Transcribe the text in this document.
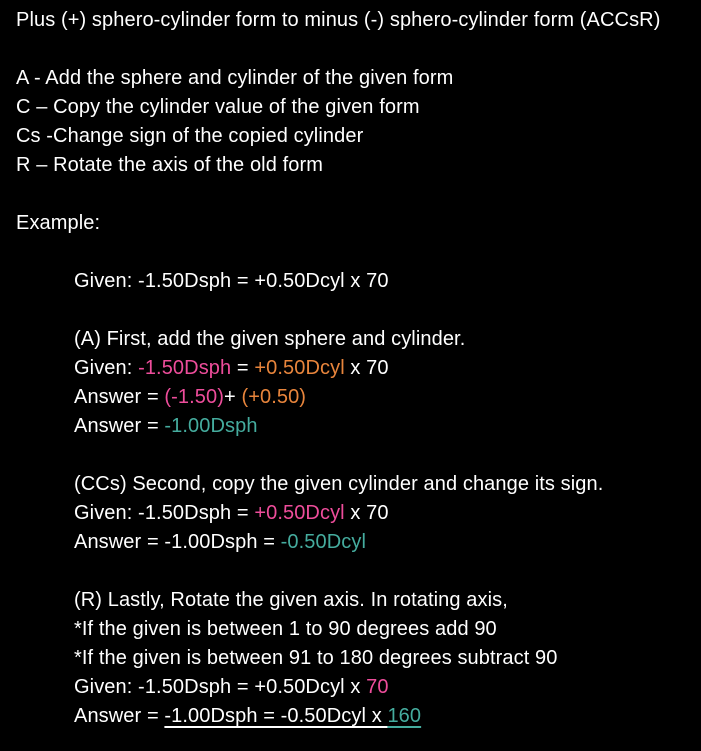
Plus (+) sphero-cylinder form to minus (-) sphero-cylinder form (ACCsR)
A - Add the sphere and cylinder of the given form
C – Copy the cylinder value of the given form
Cs -Change sign of the copied cylinder
R – Rotate the axis of the old form
Example:
Given: -1.50Dsph = +0.50Dcyl x 70
(A) First, add the given sphere and cylinder.
Given: -1.50Dsph = +0.50Dcyl x 70
Answer = (-1.50)+ (+0.50)
Answer = -1.00Dsph
(CCs) Second, copy the given cylinder and change its sign.
Given: -1.50Dsph = +0.50Dcyl x 70
Answer = -1.00Dsph = -0.50Dcyl
(R) Lastly, Rotate the given axis. In rotating axis,
*If the given is between 1 to 90 degrees add 90
*If the given is between 91 to 180 degrees subtract 90
Given: -1.50Dsph = +0.50Dcyl x 70
Answer = -1.00Dsph = -0.50Dcyl x 160
